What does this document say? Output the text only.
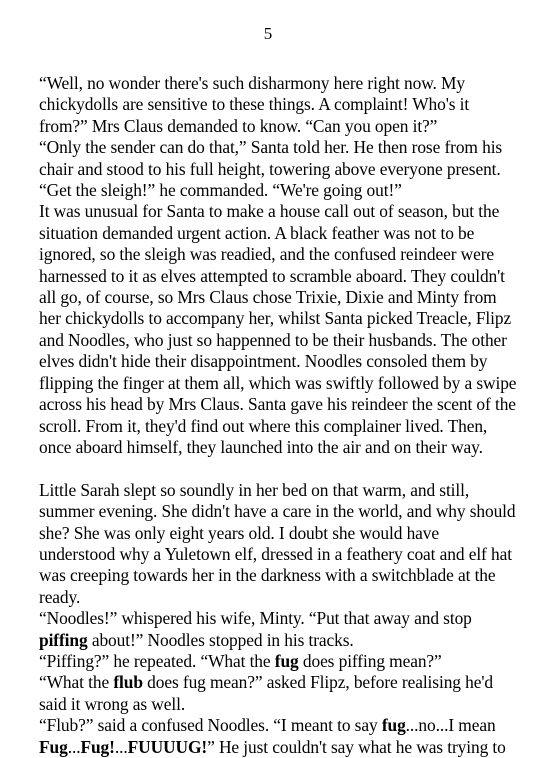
5

“Well, no wonder there's such disharmony here right now. My chickydolls are sensitive to these things. A complaint! Who's it from?” Mrs Claus demanded to know. “Can you open it?”

“Only the sender can do that,” Santa told her. He then rose from his chair and stood to his full height, towering above everyone present. “Get the sleigh!” he commanded. “We're going out!”

It was unusual for Santa to make a house call out of season, but the situation demanded urgent action. A black feather was not to be ignored, so the sleigh was readied, and the confused reindeer were harnessed to it as elves attempted to scramble aboard. They couldn't all go, of course, so Mrs Claus chose Trixie, Dixie and Minty from her chickydolls to accompany her, whilst Santa picked Treacle, Flipz and Noodles, who just so happenned to be their husbands. The other elves didn't hide their disappointment. Noodles consoled them by flipping the finger at them all, which was swiftly followed by a swipe across his head by Mrs Claus. Santa gave his reindeer the scent of the scroll. From it, they'd find out where this complainer lived. Then, once aboard himself, they launched into the air and on their way.

Little Sarah slept so soundly in her bed on that warm, and still, summer evening. She didn't have a care in the world, and why should she? She was only eight years old. I doubt she would have understood why a Yuletown elf, dressed in a feathery coat and elf hat was creeping towards her in the darkness with a switchblade at the ready.

“Noodles!” whispered his wife, Minty. “Put that away and stop piffing about!” Noodles stopped in his tracks.

“Piffing?” he repeated. “What the fug does piffing mean?”

“What the flub does fug mean?” asked Flipz, before realising he'd said it wrong as well.

“Flub?” said a confused Noodles. “I meant to say fug...no...I mean Fug...Fug!...FUUUUG!” He just couldn't say what he was trying to
